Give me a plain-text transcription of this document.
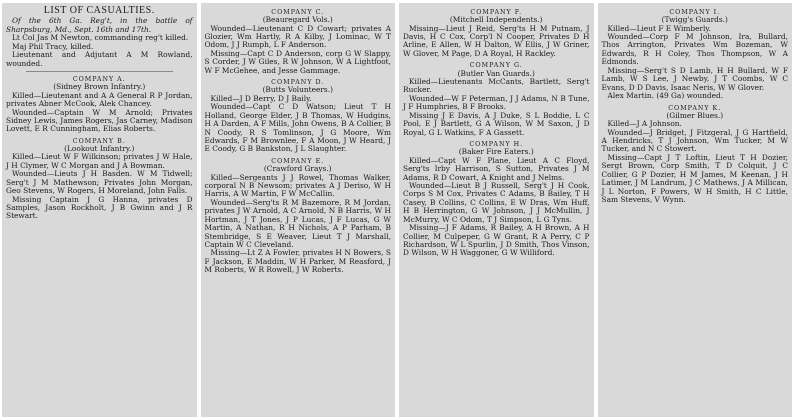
LIST OF CASUALTIES.

Of the 6th Ga. Reg't, in the battle of Sharpsburg, Md., Sept. 16th and 17th.

Lt Col Jas M Newton, commanding reg't killed.

Maj Phil Tracy, killed.

Lieutenant and Adjutant A M Rowland, wounded.

COMPANY A.
(Sidney Brown Infantry.)

Killed—Lieutenant and A A General R P Jordan, privates Abner McCook, Alek Chancey.

Wounded—Captain W M Arnold; Privates Sidney Lewis, James Rogers, Jas Carney, Madison Lovett, E R Cunningham, Elias Roberts.

COMPANY B.
(Lookout Infantry.)

Killed—Lieut W F Wilkinson; privates J W Hale, J H Clymer, W C Morgan and J A Bowman.

Wounded—Lieuts J H Basden. W M Tidwell; Serg't J M Mathewson; Privates John Morgan, Geo Stevens, W Rogers, H Moreland, John Falls.

Missing Captain J G Hanna, privates D Samples, Jason Rockholt, J B Gwinn and J R Stewart.

COMPANY C.
(Beauregard Vols.)

Wounded—Lieutenant C D Cowart; privates A Glozier, Wm Hartly, R A Kilby, J Lominac, W T Odom, J J Rumph, L F Anderson.

Missing—Capt C D Anderson, corp G W Slappy, S Corder, J W Giles, R W Johnson, W A Lightfoot, W F McGehee, and Jesse Gammage.

COMPANY D.
(Butts Volunteers.)

Killed—J D Berry, D J Baily.

Wounded—Capt C D Watson; Lieut T H Holland, George Elder, J B Thomas, W Hudgins, H A Darden, A F Mills, John Owens, B A Collier, B N Coody, R S Tomlinson, J G Moore, Wm Edwards, F M Brownlee, F A Moon, J W Heard, J E Coody, G B Bankston, J L Slaughter.

COMPANY E.
(Crawford Grays.)

Killed—Sergeants J J Rowel, Thomas Walker, corporal N B Newsom; privates A J Deriso, W H Harris, A W Martin, F W McCallin.

Wounded—Serg'ts R M Bazemore, R M Jordan, privates J W Arnold, A C Arnold, N B Harris, W H Hortman, J T Jones, J P Lucas, J F Lucas, G W Martin, A Nathan, R H Nichols, A P Parham, B Stembridge, S E Weaver, Lieut T J Marshall, Captain W C Cleveland.

Missing—Lt Z A Fowler, privates H N Bowers, S F Jackson, E Maddin, W H Parker, M Reasford, J M Roberts, W R Rowell, J W Roberts.

COMPANY F.
(Mitchell Independents.)

Missing—Lieut J Reid, Serg'ts H M Putnam, J Davis, H C Cox, Corp'l N Cooper, Privates D H Arline, E Allen, W H Dalton, W Ellis, J W Griner, W Glover, M Page, D A Royal, H Rackley.

COMPANY G.
(Butler Van Guards.)

Killed—Lieutenants McCants, Bartlett, Serg't Rucker.

Wounded—W F Peterman, J J Adams, N B Tune, J F Humphries, B F Brooks.

Missing J E Davis, A J Duke, S L Boddie, L C Pool, E J Bartlett, G A Wilson, W M Saxon, J D Royal, G L Watkins, F A Gassett.

COMPANY H.
(Baker Fire Eaters.)

Killed—Capt W F Plane, Lieut A C Floyd, Serg'ts Irby Harrison, S Sutton, Privates J M Adams, R D Cowart, A Knight and J Nelms.

Wounded—Lieut B J Russell, Serg't J H Cook, Corps S M Cox, Privates C Adams, B Bailey, T H Casey, B Collins, C Collins, E W Dras, Wm Huff, H B Herrington, G W Johnson, J J McMullin, J McMurry, W C Odom, T J Simpson, L G Tyns.

Missing—J F Adams, R Bailey, A H Brown, A H Collier, M Culpeper, G W Grant, R A Perry, C P Richardson, W L Spurlin, J D Smith, Thos Vinson, D Wilson, W H Waggoner, G W Williford.

COMPANY I.
(Twigg's Guards.)

Killed—Lieut F E Wimberly.

Wounded—Corp F M Johnson, Ira, Bullard, Thos Arrington, Privates Wm Bozeman, W Edwards, R H Coley, Thos Thompson, W A Edmonds.

Missing—Serg't S D Lamb, H H Bullard, W F Lamb, W S Lee, J Newby, J T Coombs, W C Evans, D D Davis, Isaac Neris, W W Glover.

Alex Martin. (49 Ga) wounded.

COMPANY K.
(Gilmer Blues.)

Killed—J A Johnson.

Wounded—J Bridget, J Fitzgeral, J G Hartfield, A Hendricks, T J Johnson, Wm Tucker, M W Tucker, and N C Stowert.

Missing—Capt J T Loftin, Lieut T H Dozier, Sergt Brown, Corp Smith, T D Colquit, J C Collier, G P Dozier, H M James, M Keenan, J H Latimer, J M Landrum, J C Mathews, J A Millican, J L Norton, F Powers, W H Smith, H C Little, Sam Stevens, V Wynn.
